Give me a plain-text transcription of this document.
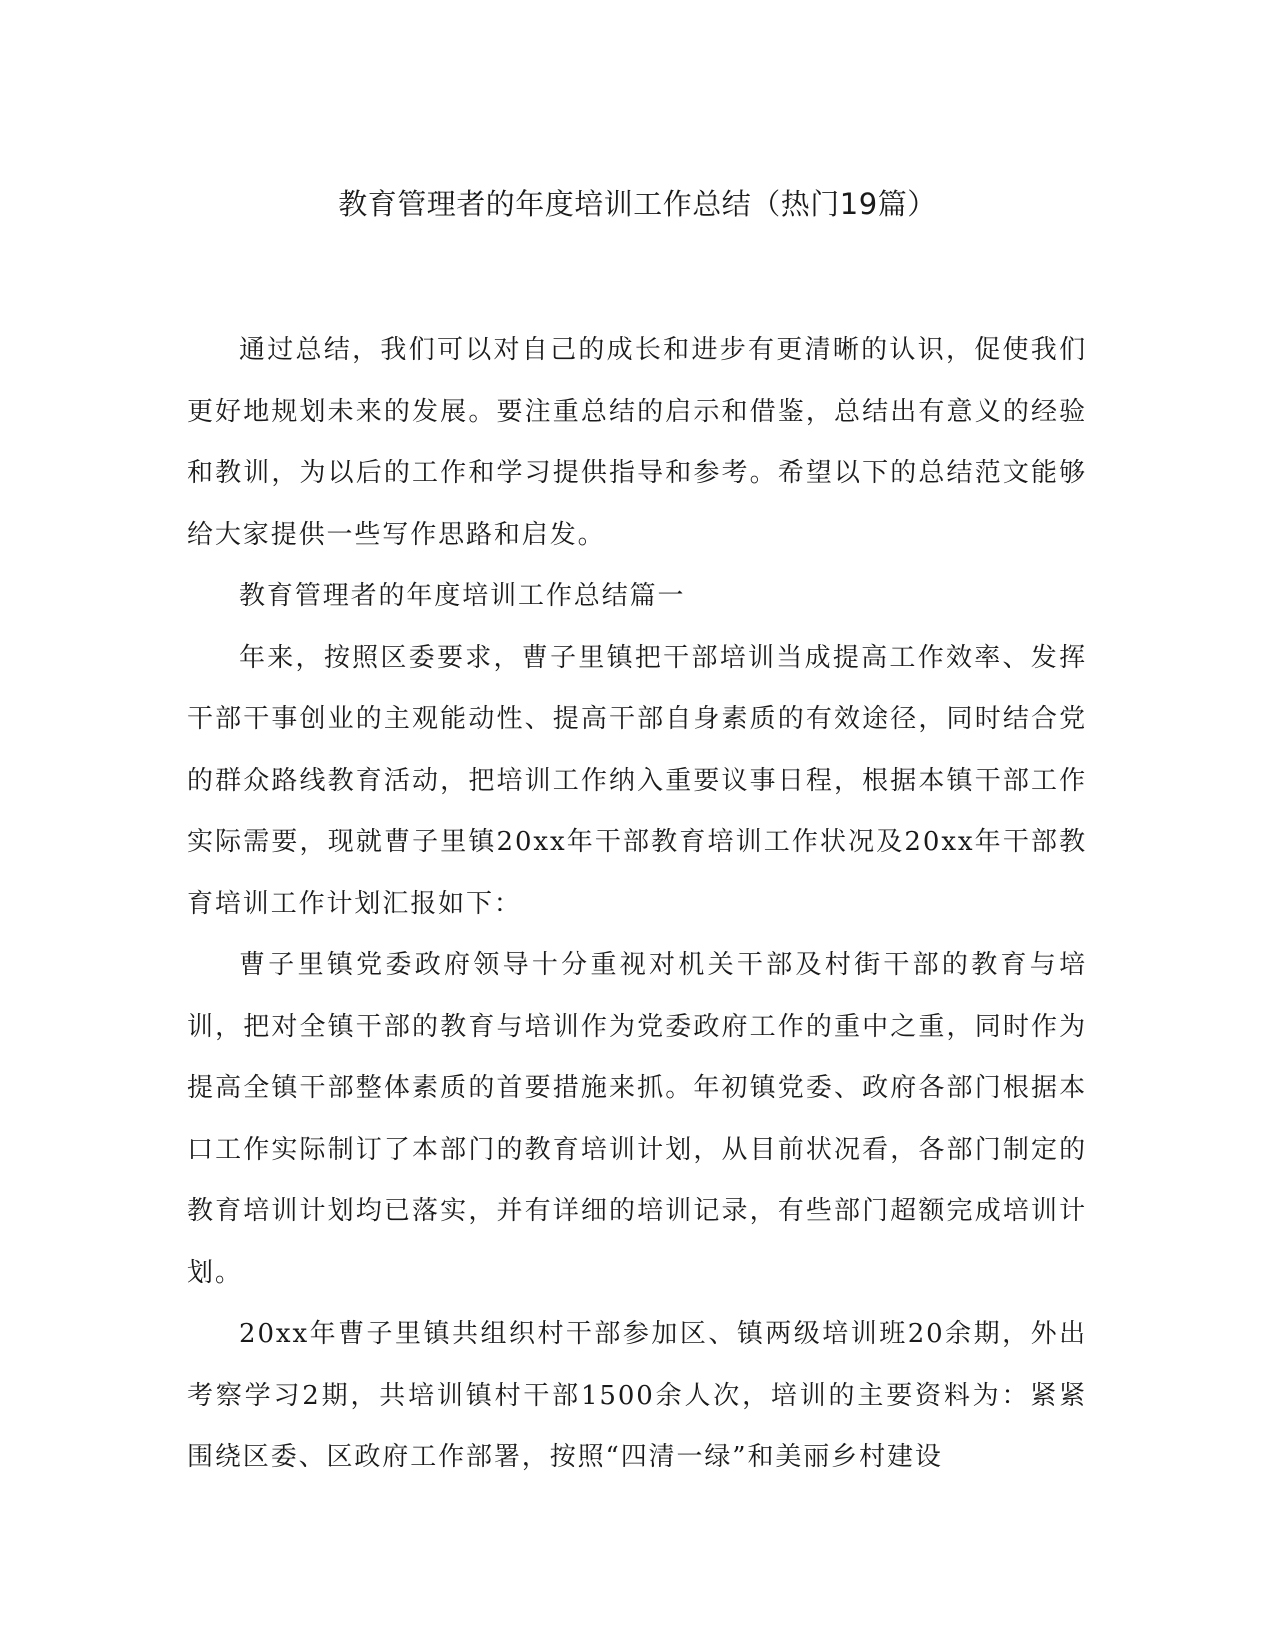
教育管理者的年度培训工作总结（热门19篇）

通过总结，我们可以对自己的成长和进步有更清晰的认识，促使我们更好地规划未来的发展。要注重总结的启示和借鉴，总结出有意义的经验和教训，为以后的工作和学习提供指导和参考。希望以下的总结范文能够给大家提供一些写作思路和启发。

教育管理者的年度培训工作总结篇一

年来，按照区委要求，曹子里镇把干部培训当成提高工作效率、发挥干部干事创业的主观能动性、提高干部自身素质的有效途径，同时结合党的群众路线教育活动，把培训工作纳入重要议事日程，根据本镇干部工作实际需要，现就曹子里镇20xx年干部教育培训工作状况及20xx年干部教育培训工作计划汇报如下：

曹子里镇党委政府领导十分重视对机关干部及村街干部的教育与培训，把对全镇干部的教育与培训作为党委政府工作的重中之重，同时作为提高全镇干部整体素质的首要措施来抓。年初镇党委、政府各部门根据本口工作实际制订了本部门的教育培训计划，从目前状况看，各部门制定的教育培训计划均已落实，并有详细的培训记录，有些部门超额完成培训计划。

20xx年曹子里镇共组织村干部参加区、镇两级培训班20余期，外出考察学习2期，共培训镇村干部1500余人次，培训的主要资料为：紧紧围绕区委、区政府工作部署，按照“四清一绿”和美丽乡村建设
